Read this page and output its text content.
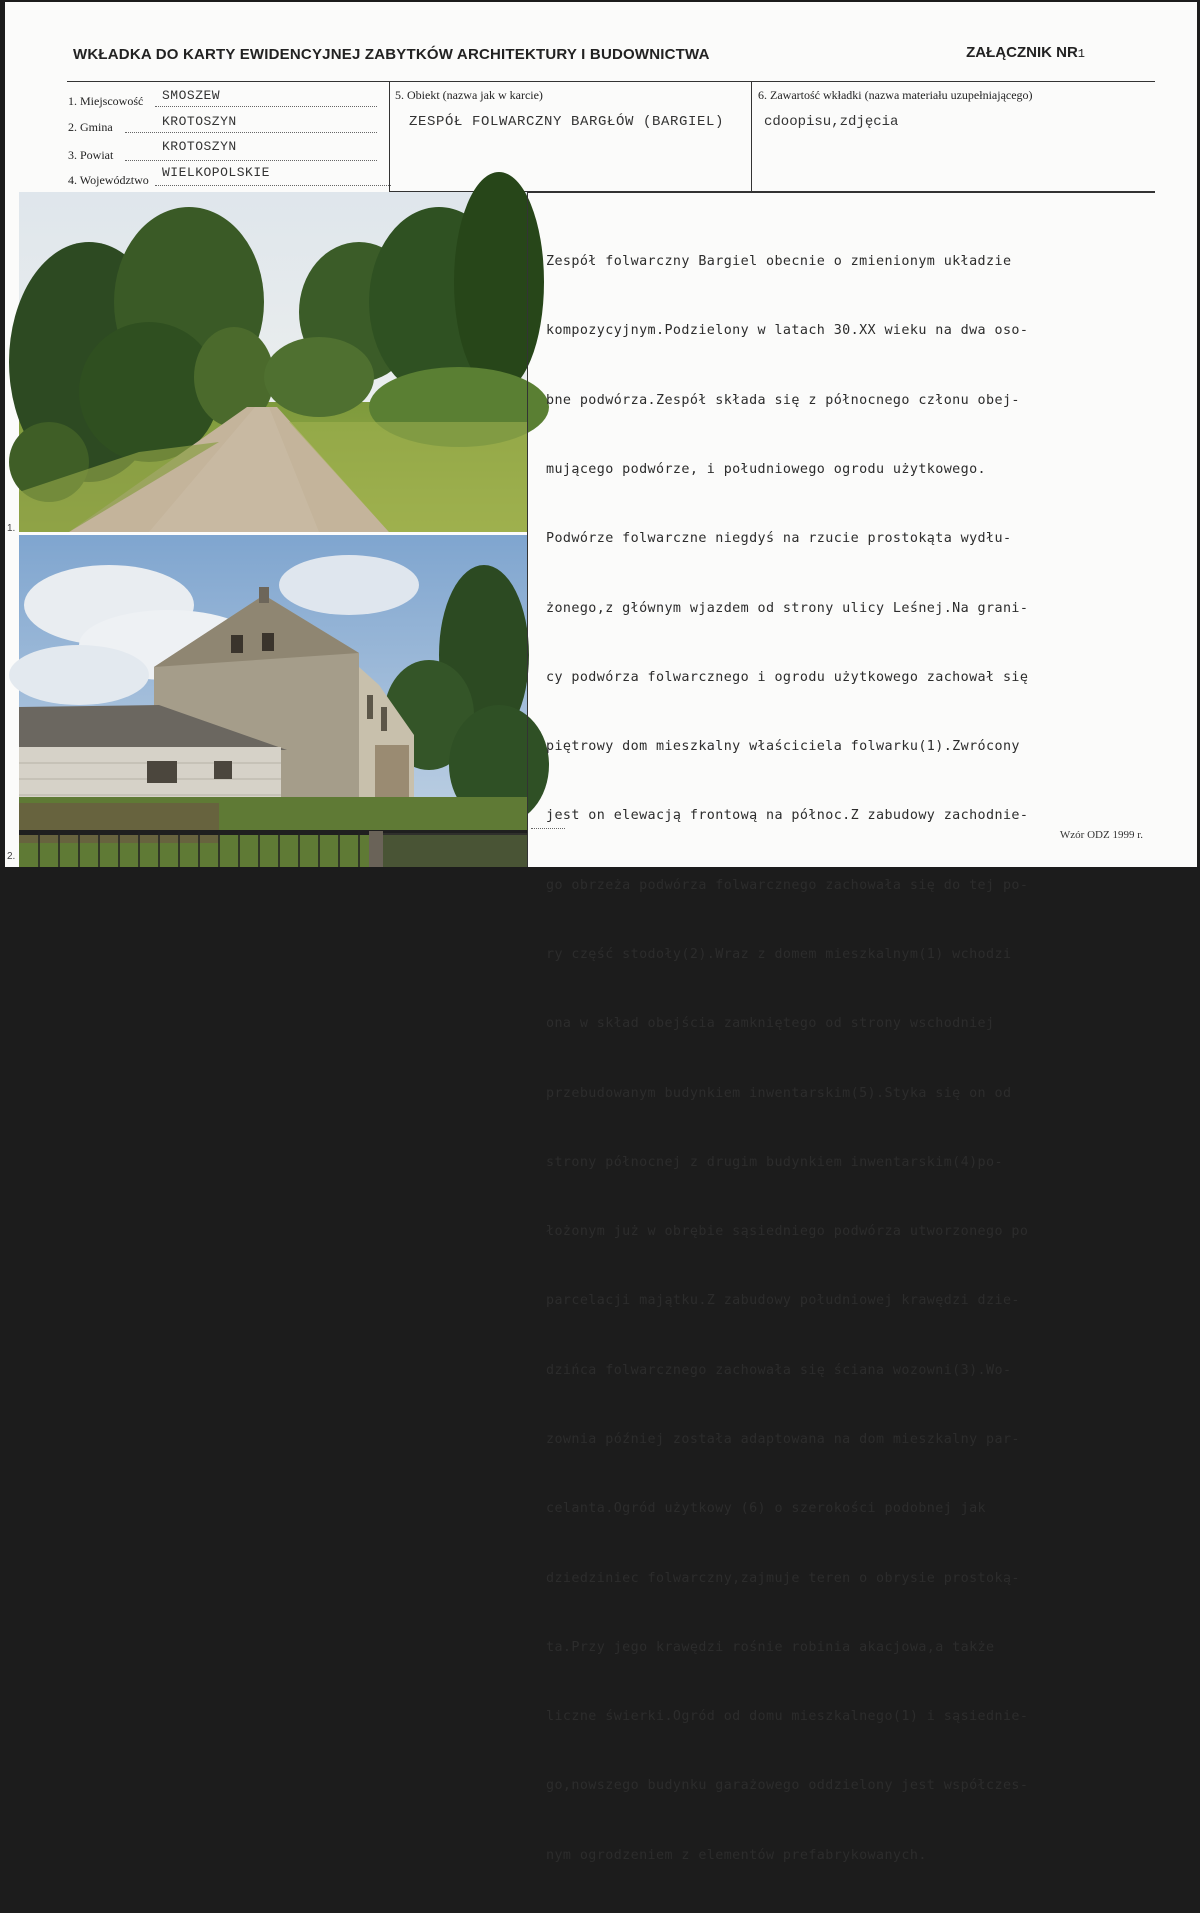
WKŁADKA DO KARTY EWIDENCYJNEJ ZABYTKÓW ARCHITEKTURY I BUDOWNICTWA	ZAŁĄCZNIK NR1
1. Miejscowość SMOSZEW
2. Gmina	KROTOSZYN
3. Powiat
KROTOSZYN
4. Województwo WIELKOPOLSKIE
5. Obiekt (nazwa jak w karcie)
ZESPÓŁ FOLWARCZNY BARGŁÓW (BARGIEL)
6. Zawartość wkładki (nazwa materiału uzupełniającego)
cdoopisu,zdjęcia
1.
2.

Zespół folwarczny Bargiel obecnie o zmienionym układzie

kompozycyjnym.Podzielony w latach 30.XX wieku na dwa oso-

bne podwórza.Zespół składa się z północnego członu obej-

mującego podwórze, i południowego ogrodu użytkowego.

Podwórze folwarczne niegdyś na rzucie prostokąta wydłu-

żonego,z głównym wjazdem od strony ulicy Leśnej.Na grani-

cy podwórza folwarcznego i ogrodu użytkowego zachował się

piętrowy dom mieszkalny właściciela folwarku(1).Zwrócony

jest on elewacją frontową na północ.Z zabudowy zachodnie-

go obrzeża podwórza folwarcznego zachowała się do tej po-

ry część stodoły(2).Wraz z domem mieszkalnym(1) wchodzi

ona w skład obejścia zamkniętego od strony wschodniej

przebudowanym budynkiem inwentarskim(5).Styka się on od

strony północnej z drugim budynkiem inwentarskim(4)po-

łożonym już w obrębie sąsiedniego podwórza utworzonego po

parcelacji majątku.Z zabudowy południowej krawędzi dzie-

dzińca folwarcznego zachowała się ściana wozowni(3).Wo-

zownia później została adaptowana na dom mieszkalny par-

celanta.Ogród użytkowy (6) o szerokości podobnej jak

dziedziniec folwarczny,zajmuje teren o obrysie prostoką-

ta.Przy jego krawędzi rośnie robinia akacjowa,a także

liczne świerki.Ogród od domu mieszkalnego(1) i sąsiednie-

go,nowszego budynku garażowego oddzielony jest współczes-

nym ogrodzeniem z elementów prefabrykowanych.

Wzór ODZ 1999 r.
